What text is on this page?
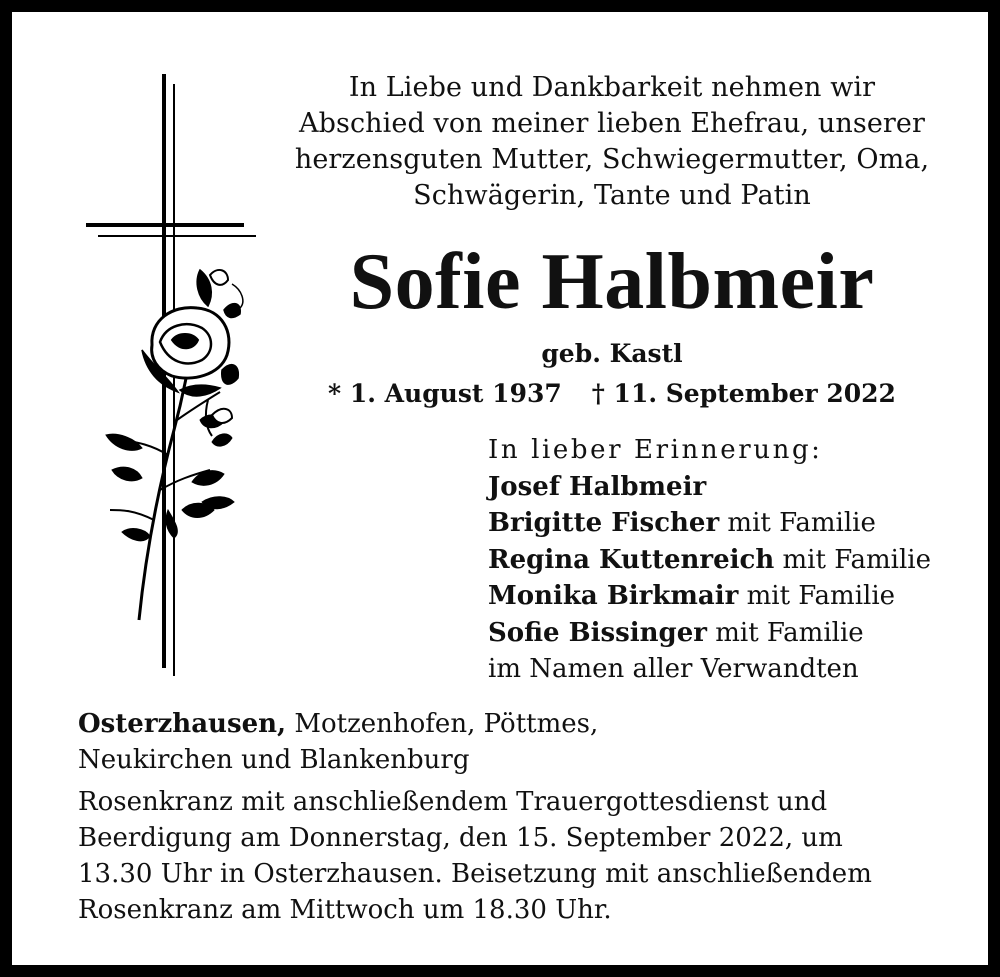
In Liebe und Dankbarkeit nehmen wir
Abschied von meiner lieben Ehefrau, unserer
herzensguten Mutter, Schwiegermutter, Oma,
Schwägerin, Tante und Patin
Sofie Halbmeir
geb. Kastl
* 1. August 1937 † 11. September 2022
In lieber Erinnerung:
Josef Halbmeir
Brigitte Fischer mit Familie
Regina Kuttenreich mit Familie
Monika Birkmair mit Familie
Sofie Bissinger mit Familie
im Namen aller Verwandten
Osterzhausen, Motzenhofen, Pöttmes,
Neukirchen und Blankenburg
Rosenkranz mit anschließendem Trauergottesdienst und
Beerdigung am Donnerstag, den 15. September 2022, um
13.30 Uhr in Osterzhausen. Beisetzung mit anschließendem
Rosenkranz am Mittwoch um 18.30 Uhr.
